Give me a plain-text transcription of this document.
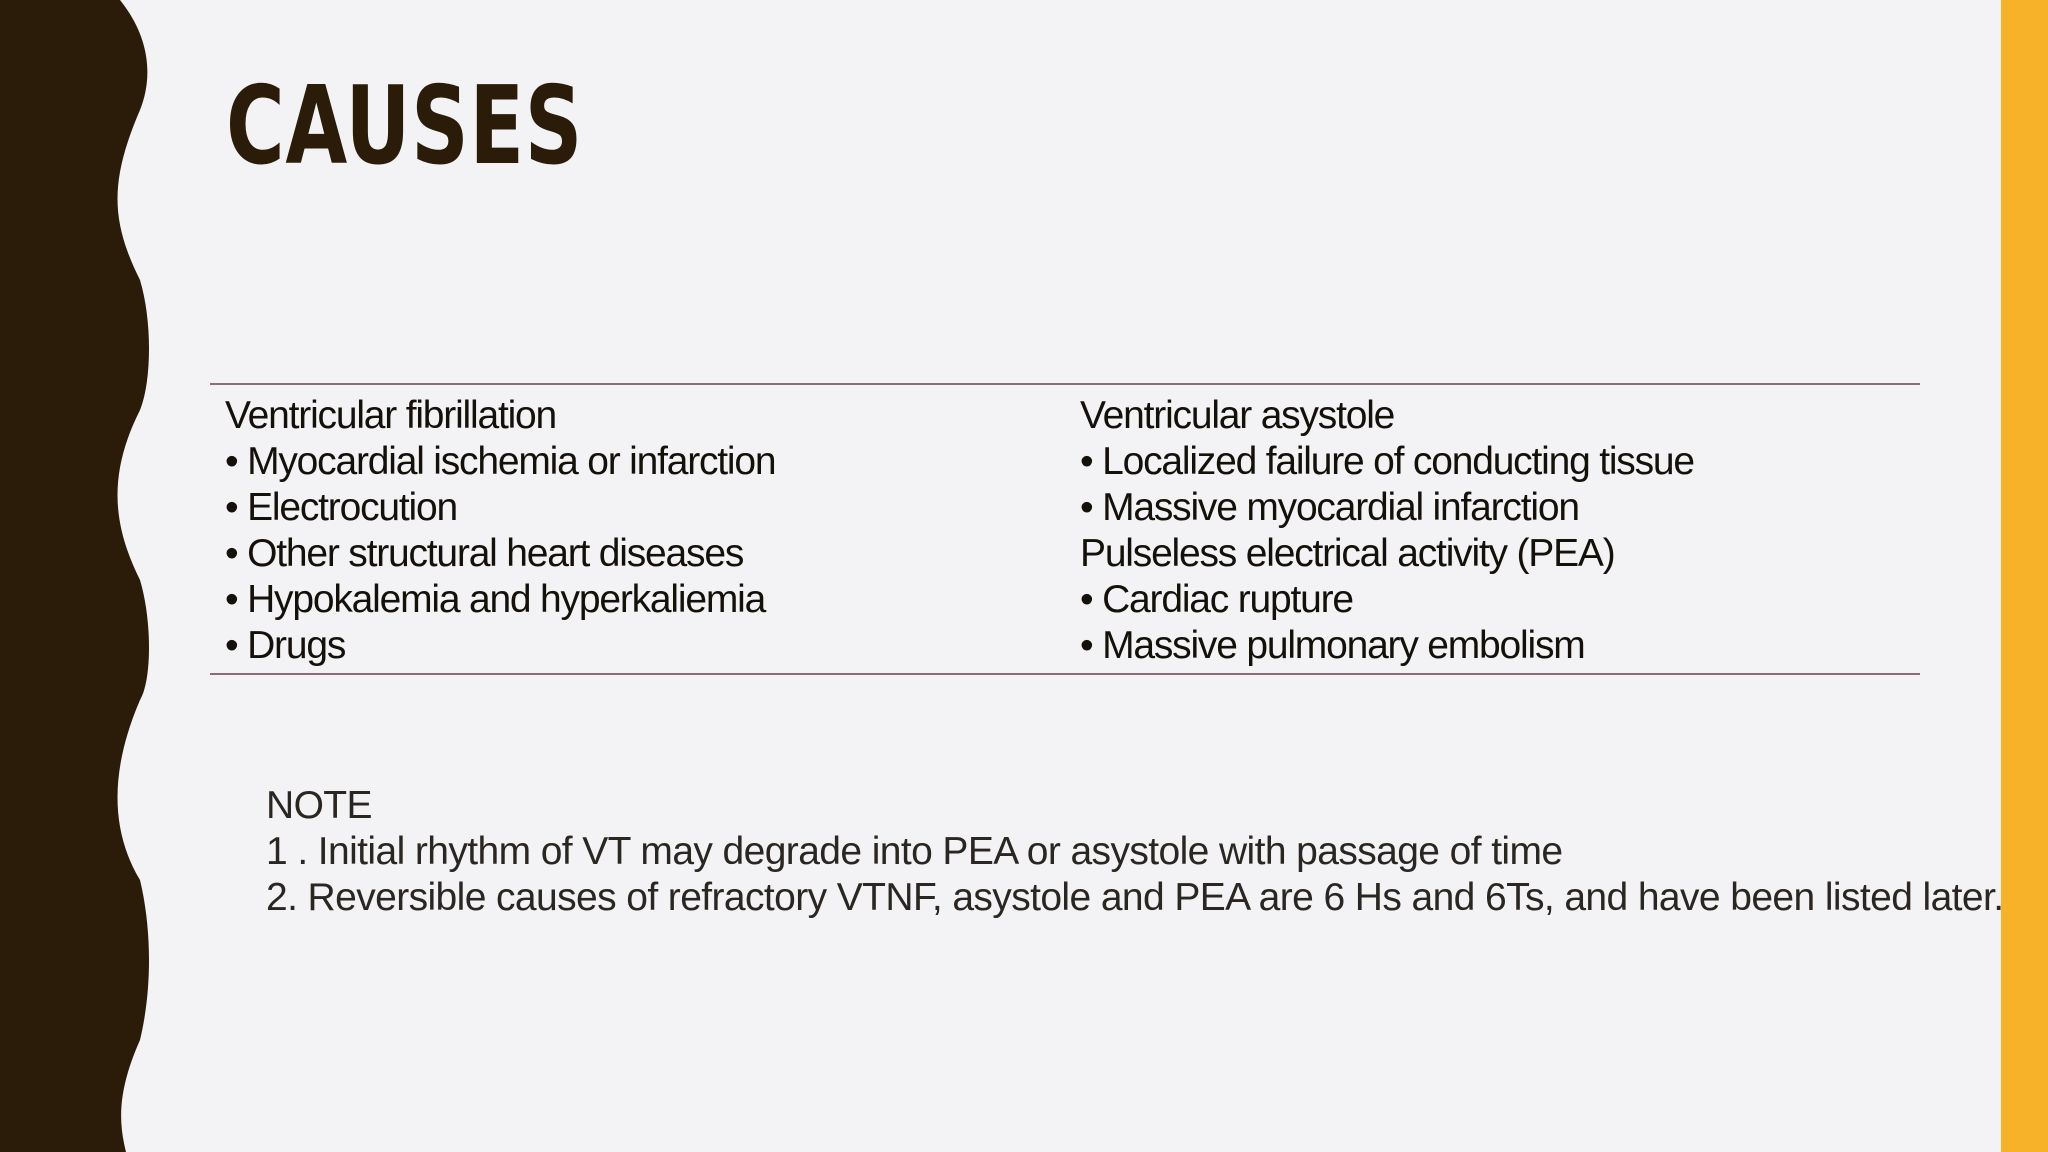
CAUSES
Ventricular fibrillation
• Myocardial ischemia or infarction
• Electrocution
• Other structural heart diseases
• Hypokalemia and hyperkaliemia
• Drugs
Ventricular asystole
• Localized failure of conducting tissue
• Massive myocardial infarction
Pulseless electrical activity (PEA)
• Cardiac rupture
• Massive pulmonary embolism
NOTE
1 . Initial rhythm of VT may degrade into PEA or asystole with passage of time
2. Reversible causes of refractory VTNF, asystole and PEA are 6 Hs and 6Ts, and have been listed later.
